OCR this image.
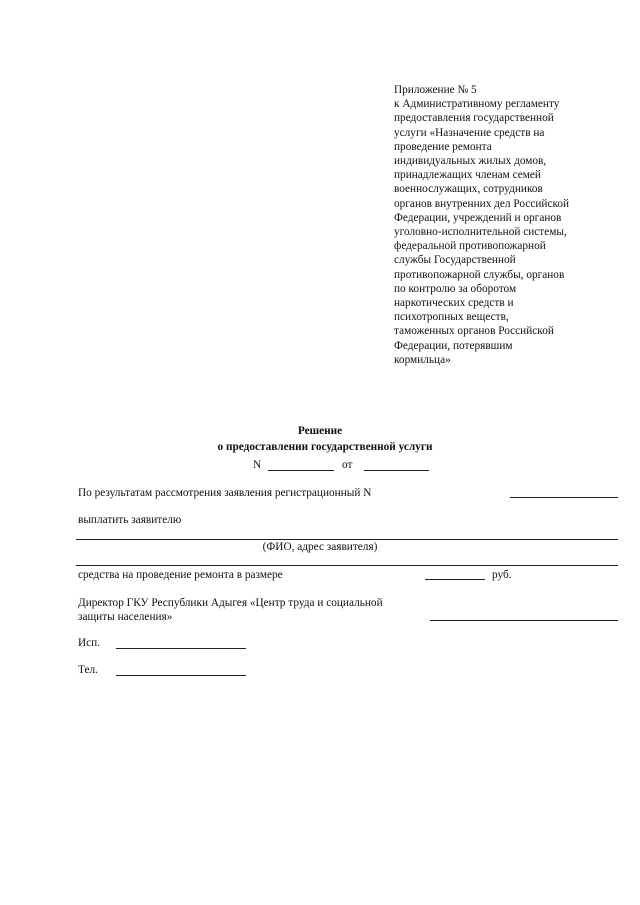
Приложение № 5
к Административному регламенту
предоставления государственной
услуги «Назначение средств на
проведение ремонта
индивидуальных жилых домов,
принадлежащих членам семей
военнослужащих, сотрудников
органов внутренних дел Российской
Федерации, учреждений и органов
уголовно-исполнительной системы,
федеральной противопожарной
службы Государственной
противопожарной службы, органов
по контролю за оборотом
наркотических средств и
психотропных веществ,
таможенных органов Российской
Федерации, потерявшим
кормильца»
Решение
о предоставлении государственной услуги
N	от
По результатам рассмотрения заявления регистрационный N
выплатить заявителю
(ФИО, адрес заявителя)
средства на проведение ремонта в размере	руб.
Директор ГКУ Республики Адыгея «Центр труда и социальной
защиты населения»
Исп.
Тел.
